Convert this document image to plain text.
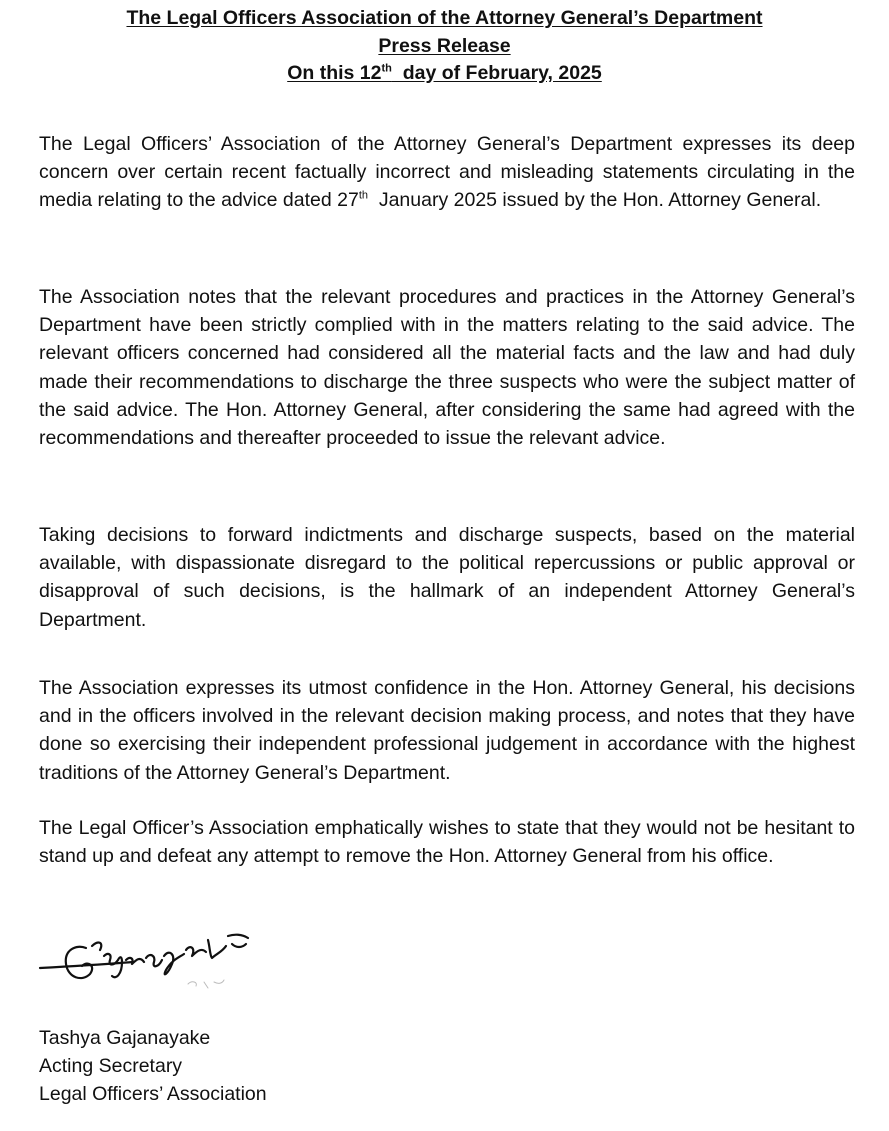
The Legal Officers Association of the Attorney General’s Department
Press Release
On this 12th  day of February, 2025

The Legal Officers’ Association of the Attorney General’s Department expresses its deep concern over certain recent factually incorrect and misleading statements circulating in the media relating to the advice dated 27th  January 2025 issued by the Hon. Attorney General.

The Association notes that the relevant procedures and practices in the Attorney General’s Department have been strictly complied with in the matters relating to the said advice. The relevant officers concerned had considered all the material facts and the law and had duly made their recommendations to discharge the three suspects who were the subject matter of the said advice. The Hon. Attorney General, after considering the same had agreed with the recommendations and thereafter proceeded to issue the relevant advice.

Taking decisions to forward indictments and discharge suspects, based on the material available, with dispassionate disregard to the political repercussions or public approval or disapproval of such decisions, is the hallmark of an independent Attorney General’s Department.

The Association expresses its utmost confidence in the Hon. Attorney General, his decisions and in the officers involved in the relevant decision making process, and notes that they have done so exercising their independent professional judgement in accordance with the highest traditions of the Attorney General’s Department.

The Legal Officer’s Association emphatically wishes to state that they would not be hesitant to stand up and defeat any attempt to remove the Hon. Attorney General from his office.

Tashya Gajanayake
Acting Secretary
Legal Officers’ Association
